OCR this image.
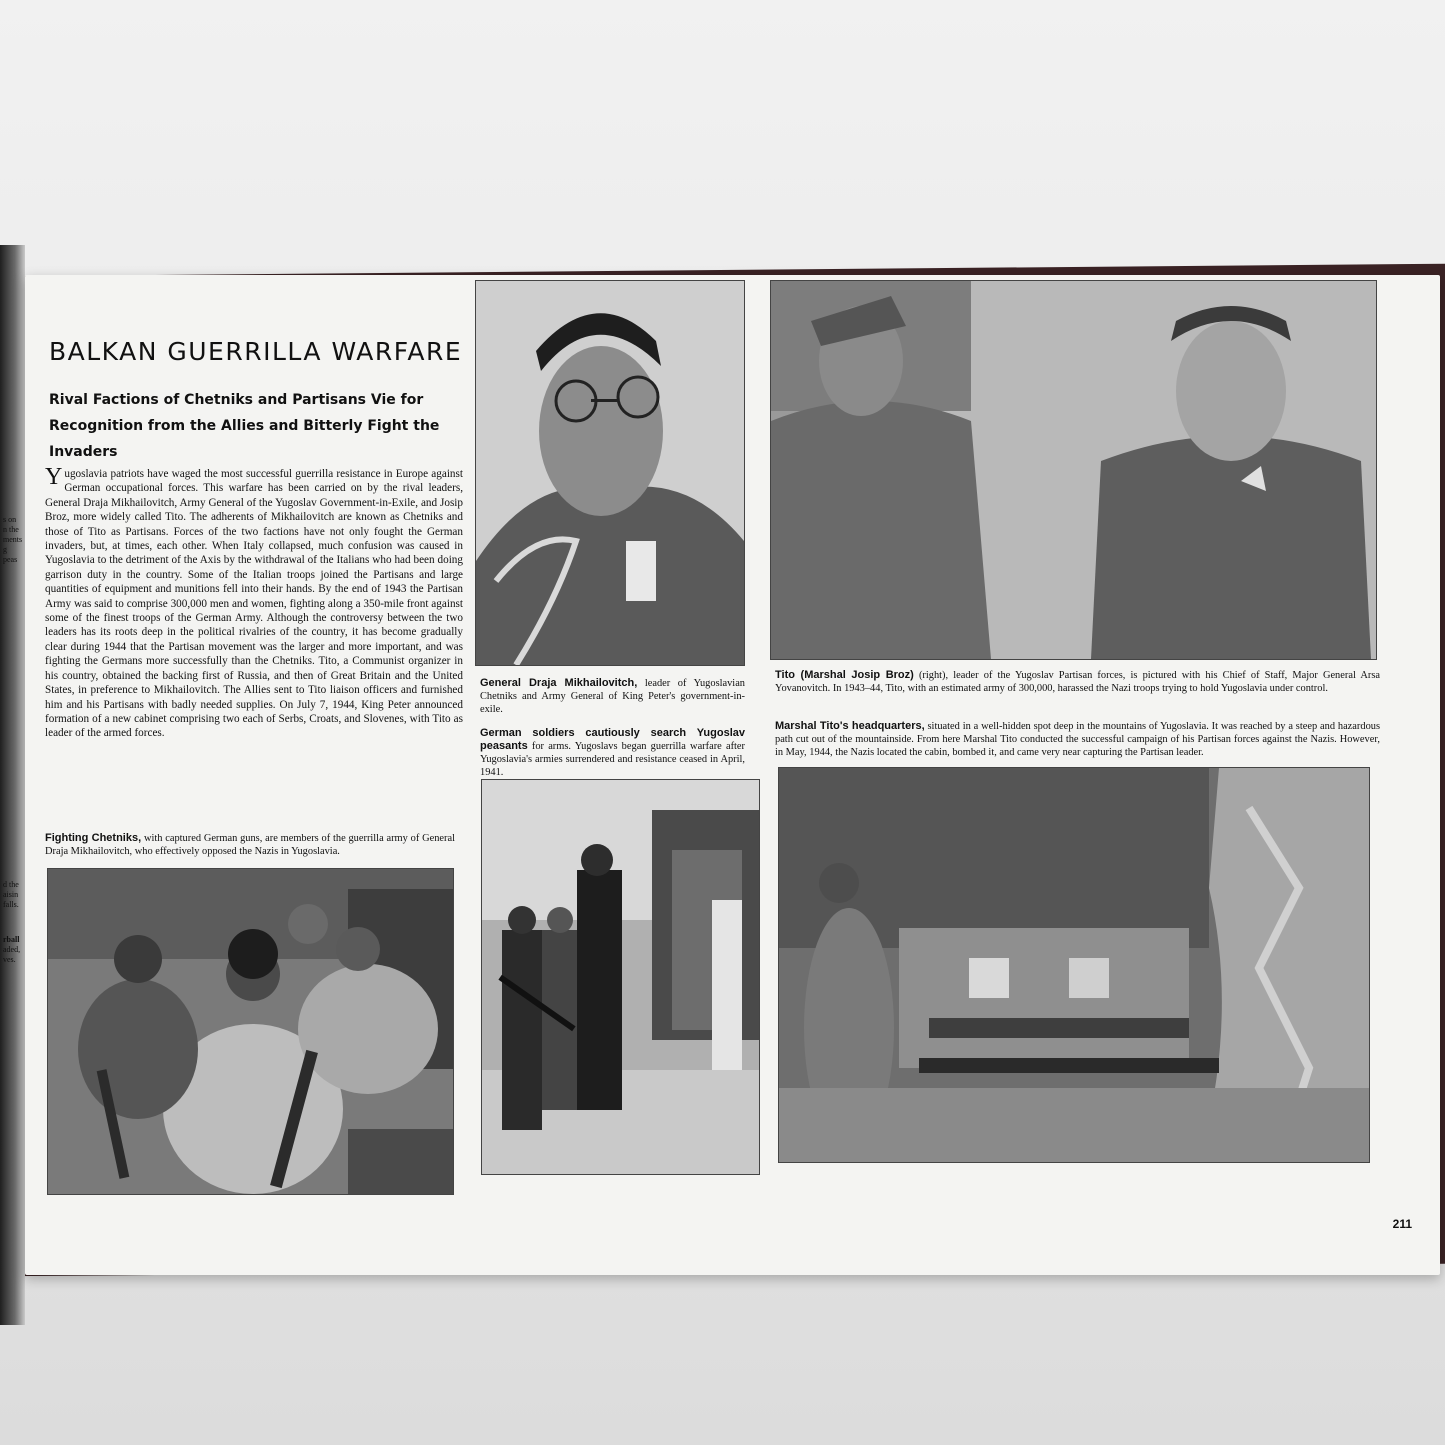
s on
n the
ments
g peas
d the
aisin
falls.
rball
aded,
ves.
BALKAN GUERRILLA WARFARE
Rival Factions of Chetniks and Partisans Vie for Recognition from the Allies and Bitterly Fight the Invaders
Yugoslavia patriots have waged the most successful guerrilla resistance in Europe against German occupational forces. This warfare has been carried on by the rival leaders, General Draja Mikhailovitch, Army General of the Yugoslav Government-in-Exile, and Josip Broz, more widely called Tito. The adherents of Mikhailovitch are known as Chetniks and those of Tito as Partisans. Forces of the two factions have not only fought the German invaders, but, at times, each other. When Italy collapsed, much confusion was caused in Yugoslavia to the detriment of the Axis by the withdrawal of the Italians who had been doing garrison duty in the country. Some of the Italian troops joined the Partisans and large quantities of equipment and munitions fell into their hands. By the end of 1943 the Partisan Army was said to comprise 300,000 men and women, fighting along a 350-mile front against some of the finest troops of the German Army. Although the controversy between the two leaders has its roots deep in the political rivalries of the country, it has become gradually clear during 1944 that the Partisan movement was the larger and more important, and was fighting the Germans more successfully than the Chetniks. Tito, a Communist organizer in his country, obtained the backing first of Russia, and then of Great Britain and the United States, in preference to Mikhailovitch. The Allies sent to Tito liaison officers and furnished him and his Partisans with badly needed supplies. On July 7, 1944, King Peter announced formation of a new cabinet comprising two each of Serbs, Croats, and Slovenes, with Tito as leader of the armed forces.
Fighting Chetniks, with captured German guns, are members of the guerrilla army of General Draja Mikhailovitch, who effectively opposed the Nazis in Yugoslavia.
General Draja Mikhailovitch, leader of Yugoslavian Chetniks and Army General of King Peter's government-in-exile.
German soldiers cautiously search Yugoslav peasants for arms. Yugoslavs began guerrilla warfare after Yugoslavia's armies surrendered and resistance ceased in April, 1941.
Tito (Marshal Josip Broz) (right), leader of the Yugoslav Partisan forces, is pictured with his Chief of Staff, Major General Arsa Yovanovitch. In 1943–44, Tito, with an estimated army of 300,000, harassed the Nazi troops trying to hold Yugoslavia under control.
Marshal Tito's headquarters, situated in a well-hidden spot deep in the mountains of Yugoslavia. It was reached by a steep and hazardous path cut out of the mountainside. From here Marshal Tito conducted the successful campaign of his Partisan forces against the Nazis. However, in May, 1944, the Nazis located the cabin, bombed it, and came very near capturing the Partisan leader.
211
